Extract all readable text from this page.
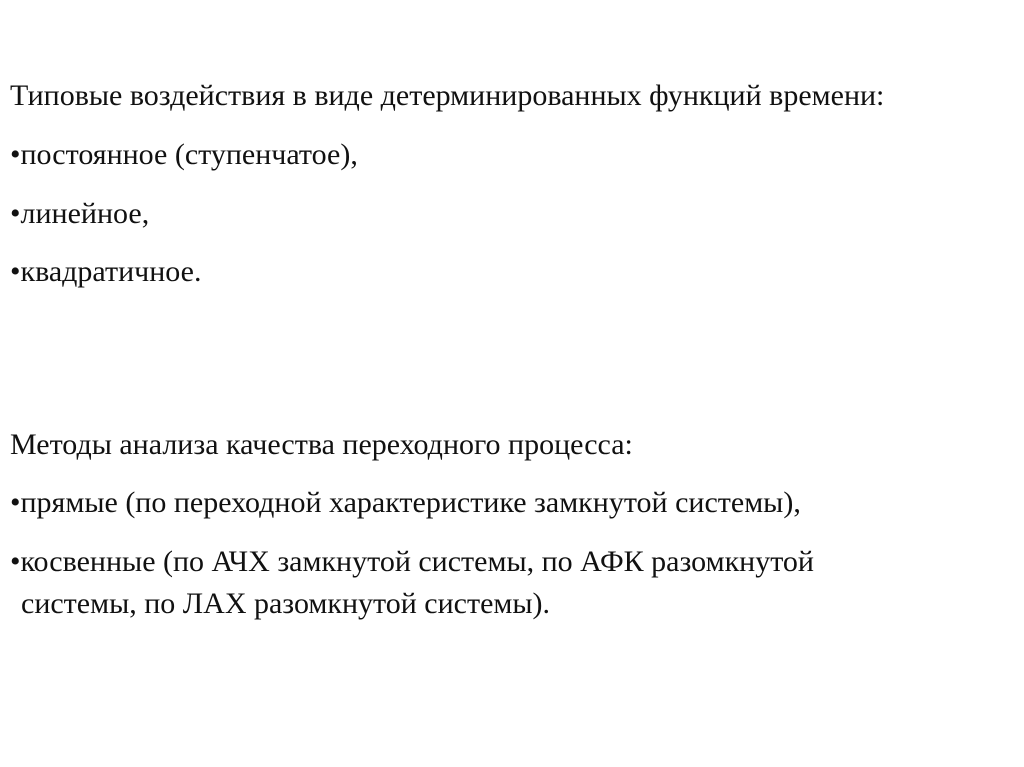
Типовые воздействия в виде детерминированных функций времени:
•постоянное (ступенчатое),
•линейное,
•квадратичное.
Методы анализа качества переходного процесса:
•прямые (по переходной характеристике замкнутой системы),
•косвенные (по АЧХ замкнутой системы, по АФК разомкнутой
системы, по ЛАХ разомкнутой системы).
